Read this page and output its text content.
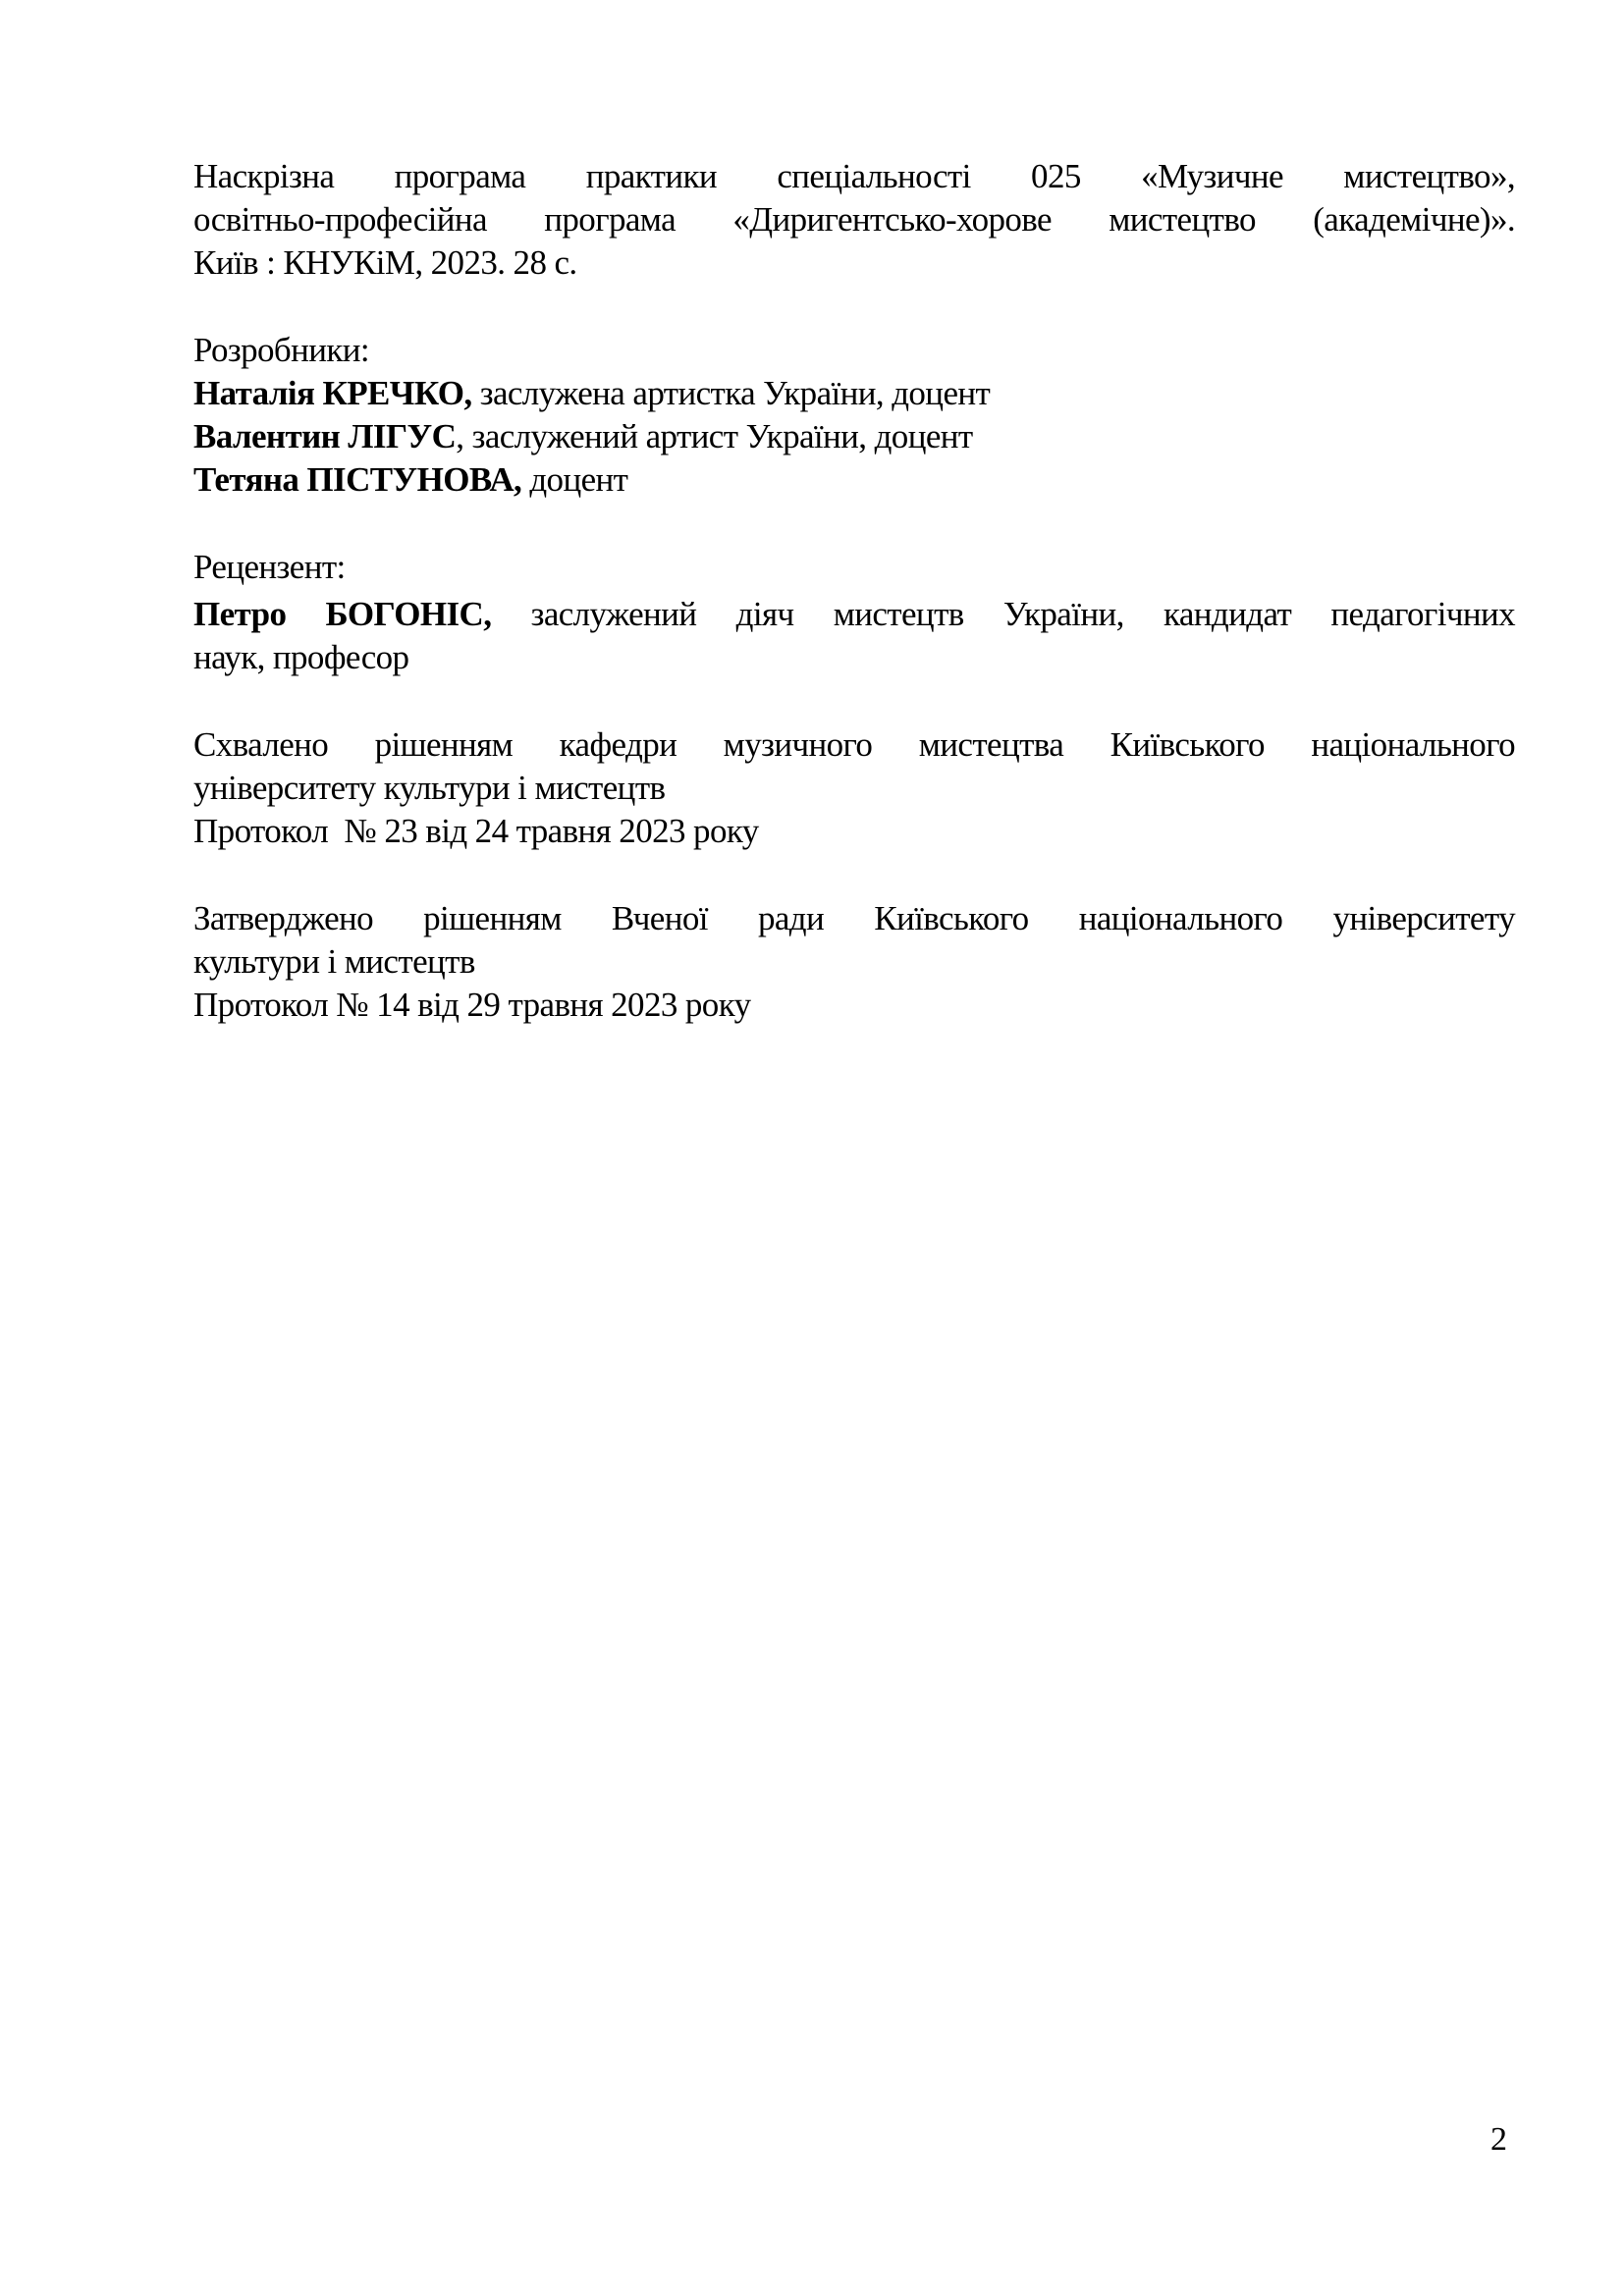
Наскрізна програма практики спеціальності 025 «Музичне мистецтво»,
освітньо-професійна програма «Диригентсько-хорове мистецтво (академічне)».
Київ : КНУКіМ, 2023. 28 с.
Розробники:
Наталія КРЕЧКО, заслужена артистка України, доцент
Валентин ЛІГУС, заслужений артист України, доцент
Тетяна ПІСТУНОВА, доцент
Рецензент:
Петро БОГОНІС, заслужений діяч мистецтв України, кандидат педагогічних
наук, професор
Схвалено рішенням кафедри музичного мистецтва Київського національного
університету культури і мистецтв
Протокол  № 23 від 24 травня 2023 року
Затверджено рішенням Вченої ради Київського національного університету
культури і мистецтв
Протокол № 14 від 29 травня 2023 року
2
